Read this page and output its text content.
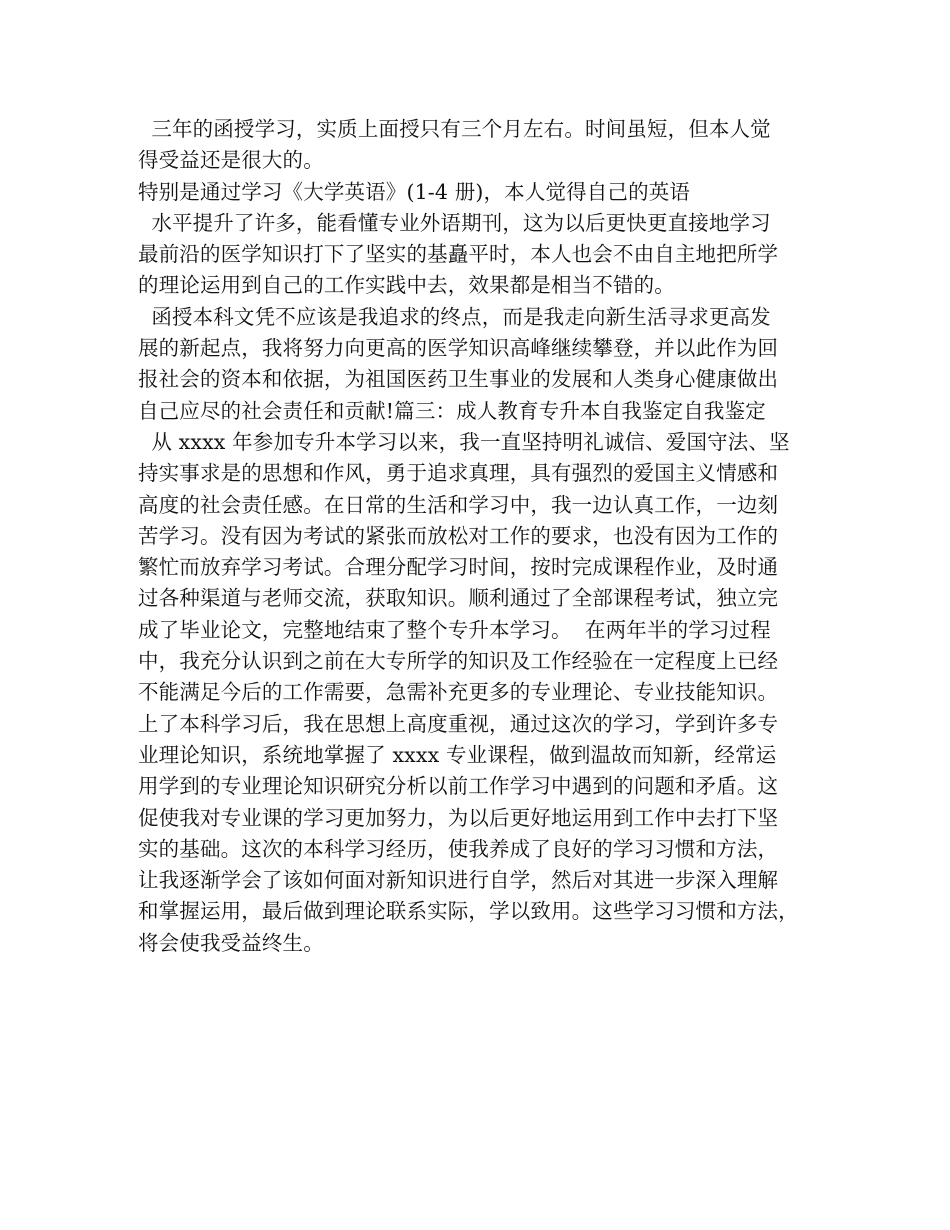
三年的函授学习，实质上面授只有三个月左右。时间虽短，但本人觉
得受益还是很大的。
特别是通过学习《大学英语》(1-4 册)，本人觉得自己的英语
水平提升了许多，能看懂专业外语期刊，这为以后更快更直接地学习
最前沿的医学知识打下了坚实的基矗平时，本人也会不由自主地把所学
的理论运用到自己的工作实践中去，效果都是相当不错的。
函授本科文凭不应该是我追求的终点，而是我走向新生活寻求更高发
展的新起点，我将努力向更高的医学知识高峰继续攀登，并以此作为回
报社会的资本和依据，为祖国医药卫生事业的发展和人类身心健康做出
自己应尽的社会责任和贡献!篇三：成人教育专升本自我鉴定自我鉴定
从 xxxx 年参加专升本学习以来，我一直坚持明礼诚信、爱国守法、坚
持实事求是的思想和作风，勇于追求真理，具有强烈的爱国主义情感和
高度的社会责任感。在日常的生活和学习中，我一边认真工作，一边刻
苦学习。没有因为考试的紧张而放松对工作的要求，也没有因为工作的
繁忙而放弃学习考试。合理分配学习时间，按时完成课程作业，及时通
过各种渠道与老师交流，获取知识。顺利通过了全部课程考试，独立完
成了毕业论文，完整地结束了整个专升本学习。  在两年半的学习过程
中，我充分认识到之前在大专所学的知识及工作经验在一定程度上已经
不能满足今后的工作需要，急需补充更多的专业理论、专业技能知识。
上了本科学习后，我在思想上高度重视，通过这次的学习，学到许多专
业理论知识，系统地掌握了 xxxx 专业课程，做到温故而知新，经常运
用学到的专业理论知识研究分析以前工作学习中遇到的问题和矛盾。这
促使我对专业课的学习更加努力，为以后更好地运用到工作中去打下坚
实的基础。这次的本科学习经历，使我养成了良好的学习习惯和方法，
让我逐渐学会了该如何面对新知识进行自学，然后对其进一步深入理解
和掌握运用，最后做到理论联系实际，学以致用。这些学习习惯和方法，
将会使我受益终生。
